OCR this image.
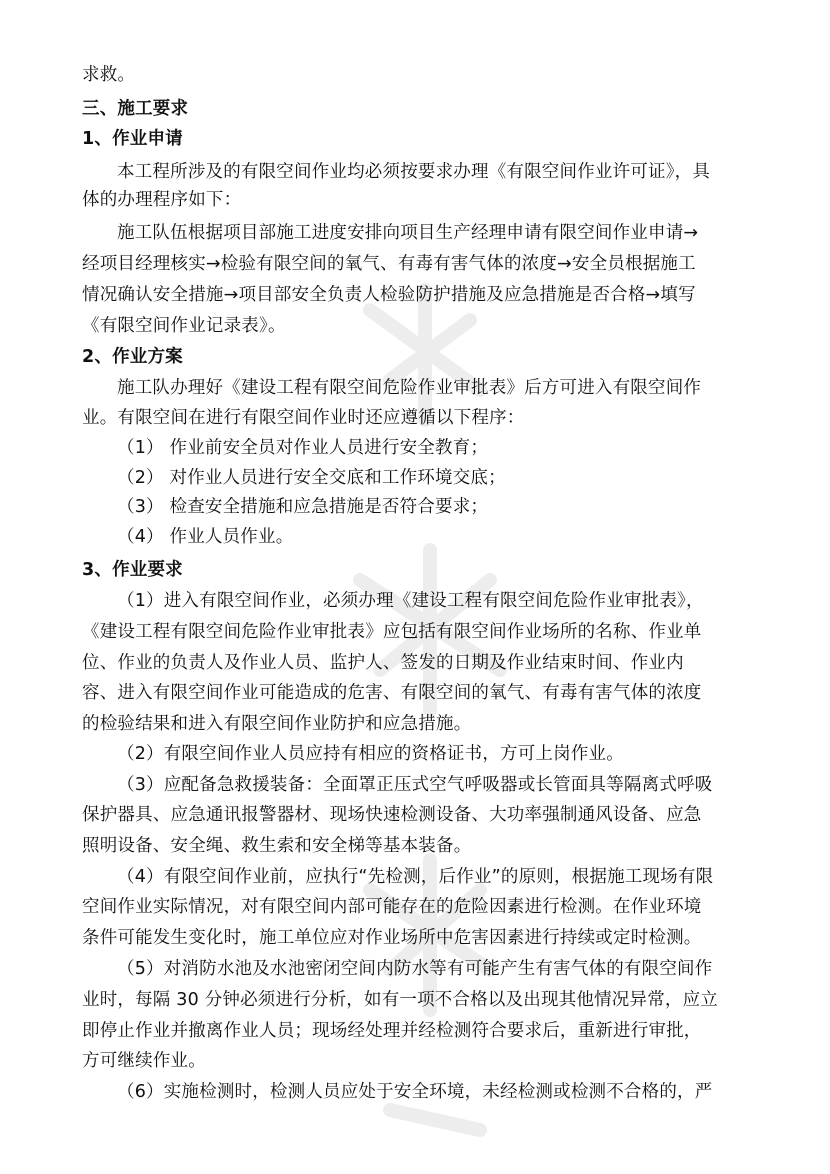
求救。
三、施工要求
1、作业申请
本工程所涉及的有限空间作业均必须按要求办理《有限空间作业许可证》，具
体的办理程序如下：
施工队伍根据项目部施工进度安排向项目生产经理申请有限空间作业申请→
经项目经理核实→检验有限空间的氧气、有毒有害气体的浓度→安全员根据施工
情况确认安全措施→项目部安全负责人检验防护措施及应急措施是否合格→填写
《有限空间作业记录表》。
2、作业方案
施工队办理好《建设工程有限空间危险作业审批表》后方可进入有限空间作
业。有限空间在进行有限空间作业时还应遵循以下程序：
（1） 作业前安全员对作业人员进行安全教育；
（2） 对作业人员进行安全交底和工作环境交底；
（3） 检查安全措施和应急措施是否符合要求；
（4） 作业人员作业。
3、作业要求
（1）进入有限空间作业，必须办理《建设工程有限空间危险作业审批表》，
《建设工程有限空间危险作业审批表》应包括有限空间作业场所的名称、作业单
位、作业的负责人及作业人员、监护人、签发的日期及作业结束时间、作业内
容、进入有限空间作业可能造成的危害、有限空间的氧气、有毒有害气体的浓度
的检验结果和进入有限空间作业防护和应急措施。
（2）有限空间作业人员应持有相应的资格证书，方可上岗作业。
（3）应配备急救援装备：全面罩正压式空气呼吸器或长管面具等隔离式呼吸
保护器具、应急通讯报警器材、现场快速检测设备、大功率强制通风设备、应急
照明设备、安全绳、救生索和安全梯等基本装备。
（4）有限空间作业前，应执行“先检测，后作业”的原则，根据施工现场有限
空间作业实际情况，对有限空间内部可能存在的危险因素进行检测。在作业环境
条件可能发生变化时，施工单位应对作业场所中危害因素进行持续或定时检测。
（5）对消防水池及水池密闭空间内防水等有可能产生有害气体的有限空间作
业时，每隔 30 分钟必须进行分析，如有一项不合格以及出现其他情况异常，应立
即停止作业并撤离作业人员；现场经处理并经检测符合要求后，重新进行审批，
方可继续作业。
（6）实施检测时，检测人员应处于安全环境，未经检测或检测不合格的，严
